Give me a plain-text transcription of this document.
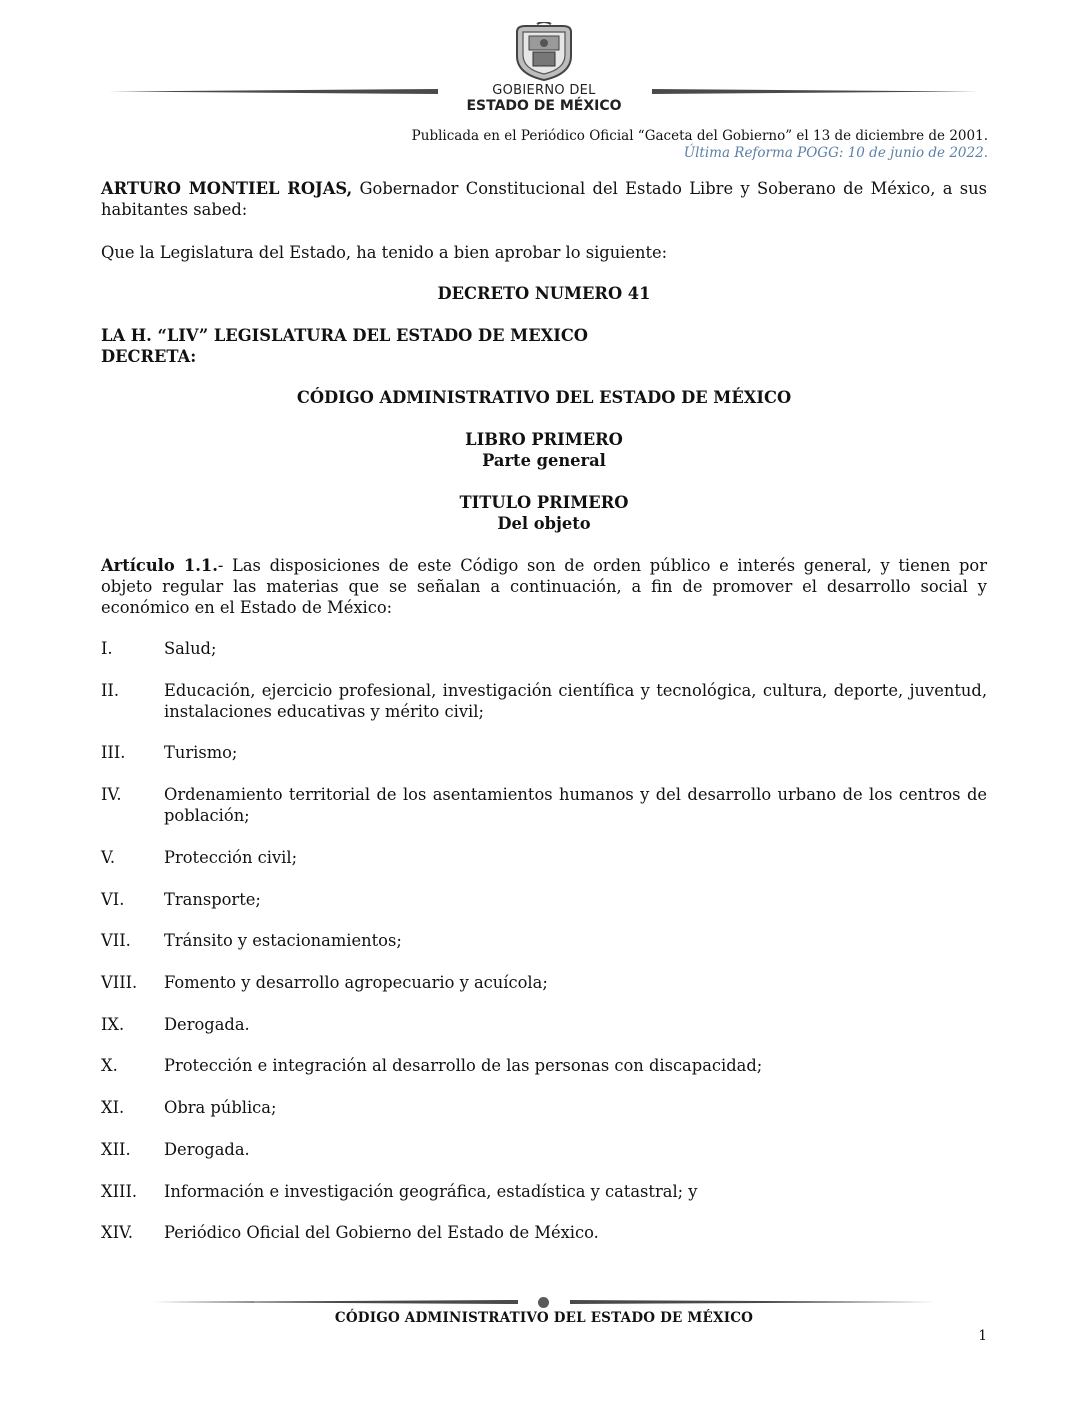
GOBIERNO DEL
ESTADO DE MÉXICO
Publicada en el Periódico Oficial “Gaceta del Gobierno” el 13 de diciembre de 2001.
Última Reforma POGG: 10 de junio de 2022.
ARTURO MONTIEL ROJAS, Gobernador Constitucional del Estado Libre y Soberano de México, a sus habitantes sabed:
Que la Legislatura del Estado, ha tenido a bien aprobar lo siguiente:
DECRETO NUMERO 41
LA H. “LIV” LEGISLATURA DEL ESTADO DE MEXICO
DECRETA:
CÓDIGO ADMINISTRATIVO DEL ESTADO DE MÉXICO
LIBRO PRIMERO
Parte general
TITULO PRIMERO
Del objeto
Artículo 1.1.- Las disposiciones de este Código son de orden público e interés general, y tienen por objeto regular las materias que se señalan a continuación, a fin de promover el desarrollo social y económico en el Estado de México:
I.	Salud;
II.	Educación, ejercicio profesional, investigación científica y tecnológica, cultura, deporte, juventud, instalaciones educativas y mérito civil;
III. Turismo;
IV.	Ordenamiento territorial de los asentamientos humanos y del desarrollo urbano de los centros de población;
V.	Protección civil;
VI. Transporte;
VII. Tránsito y estacionamientos;
VIII. Fomento y desarrollo agropecuario y acuícola;
IX. Derogada.
X.	Protección e integración al desarrollo de las personas con discapacidad;
XI. Obra pública;
XII. Derogada.
XIII. Información e investigación geográfica, estadística y catastral; y
XIV. Periódico Oficial del Gobierno del Estado de México.
CÓDIGO ADMINISTRATIVO DEL ESTADO DE MÉXICO
1
